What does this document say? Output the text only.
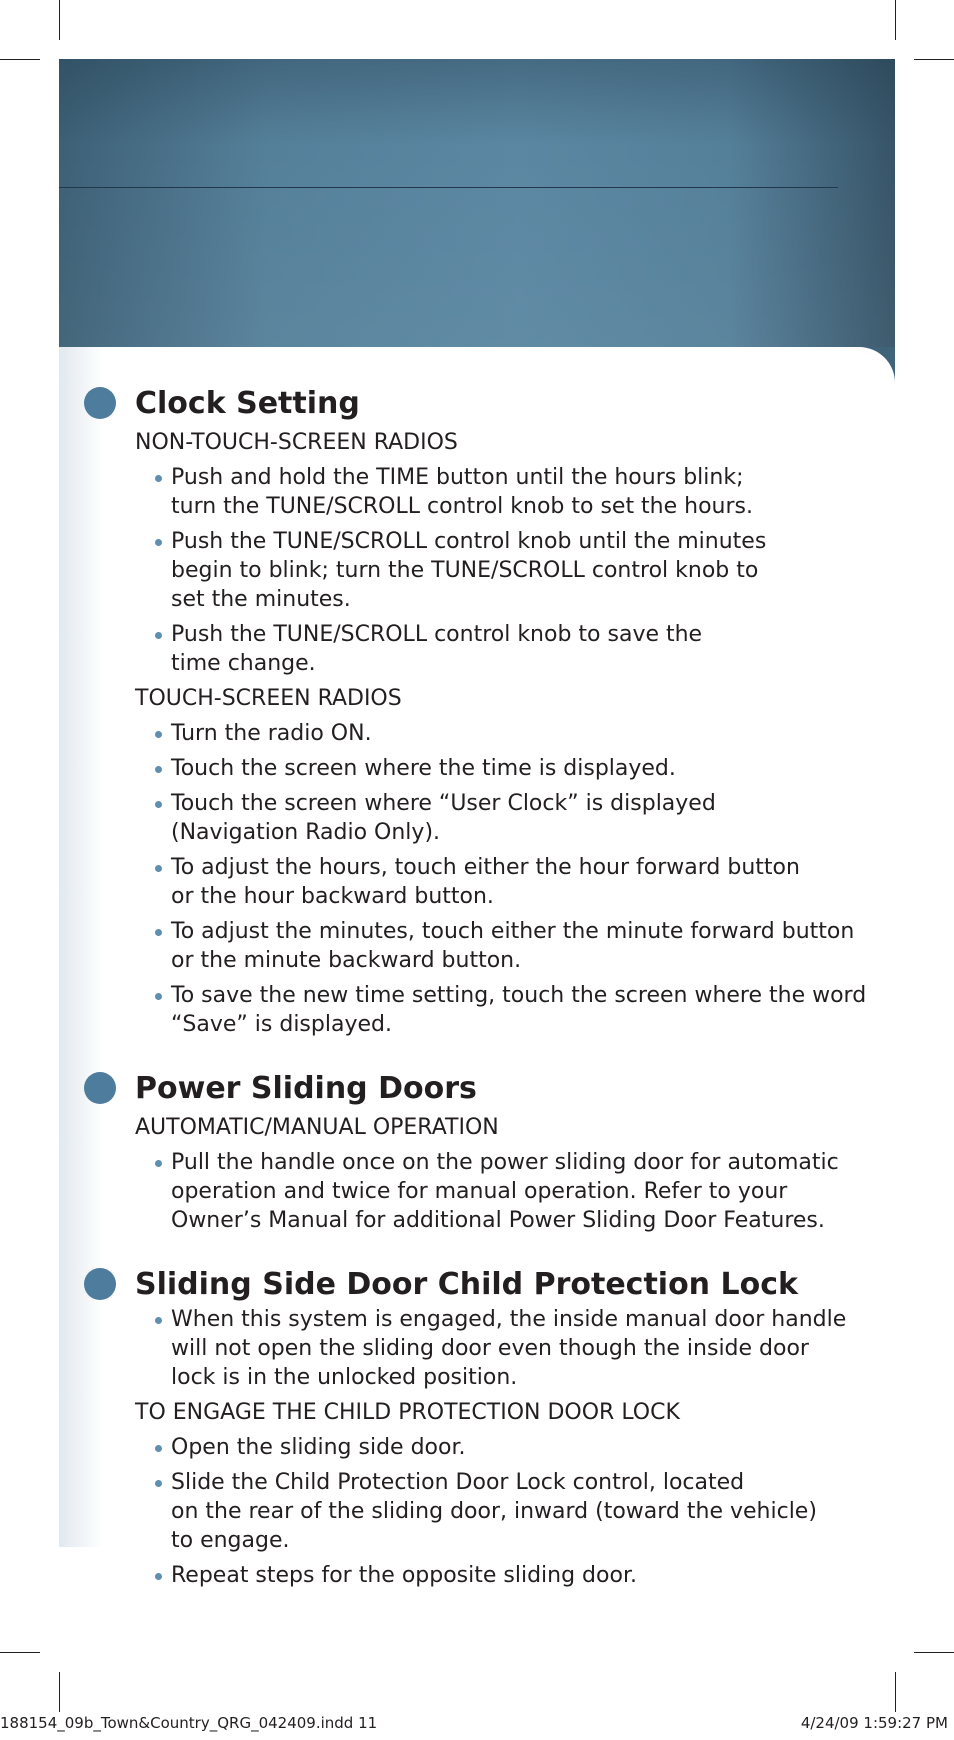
Clock Setting
NON-TOUCH-SCREEN RADIOS
Push and hold the TIME button until the hours blink;
turn the TUNE/SCROLL control knob to set the hours.
Push the TUNE/SCROLL control knob until the minutes
begin to blink; turn the TUNE/SCROLL control knob to
set the minutes.
Push the TUNE/SCROLL control knob to save the
time change.
TOUCH-SCREEN RADIOS
Turn the radio ON.
Touch the screen where the time is displayed.
Touch the screen where “User Clock” is displayed
(Navigation Radio Only).
To adjust the hours, touch either the hour forward button
or the hour backward button.
To adjust the minutes, touch either the minute forward button
or the minute backward button.
To save the new time setting, touch the screen where the word
“Save” is displayed.
Power Sliding Doors
AUTOMATIC/MANUAL OPERATION
Pull the handle once on the power sliding door for automatic
operation and twice for manual operation. Refer to your
Owner’s Manual for additional Power Sliding Door Features.
Sliding Side Door Child Protection Lock
When this system is engaged, the inside manual door handle
will not open the sliding door even though the inside door
lock is in the unlocked position.
TO ENGAGE THE CHILD PROTECTION DOOR LOCK
Open the sliding side door.
Slide the Child Protection Door Lock control, located
on the rear of the sliding door, inward (toward the vehicle)
to engage.
Repeat steps for the opposite sliding door.
188154_09b_Town&Country_QRG_042409.indd 11	4/24/09 1:59:27 PM
